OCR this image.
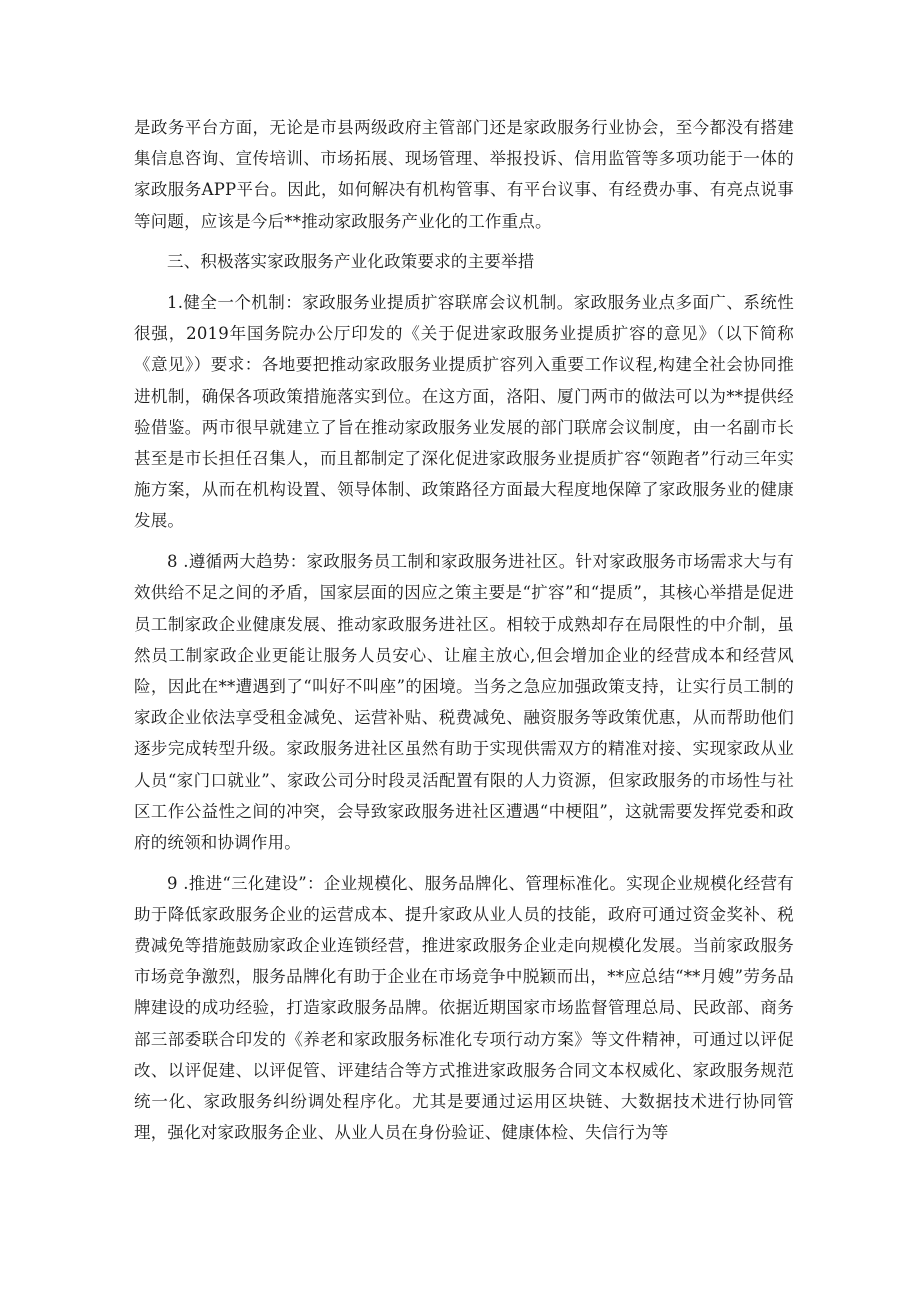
是政务平台方面，无论是市县两级政府主管部门还是家政服务行业协会，至今都没有搭建集信息咨询、宣传培训、市场拓展、现场管理、举报投诉、信用监管等多项功能于一体的家政服务APP平台。因此，如何解决有机构管事、有平台议事、有经费办事、有亮点说事等问题，应该是今后**推动家政服务产业化的工作重点。

三、积极落实家政服务产业化政策要求的主要举措

1.健全一个机制：家政服务业提质扩容联席会议机制。家政服务业点多面广、系统性很强，2019年国务院办公厅印发的《关于促进家政服务业提质扩容的意见》（以下简称《意见》）要求：各地要把推动家政服务业提质扩容列入重要工作议程,构建全社会协同推进机制，确保各项政策措施落实到位。在这方面，洛阳、厦门两市的做法可以为**提供经验借鉴。两市很早就建立了旨在推动家政服务业发展的部门联席会议制度，由一名副市长甚至是市长担任召集人，而且都制定了深化促进家政服务业提质扩容“领跑者”行动三年实施方案，从而在机构设置、领导体制、政策路径方面最大程度地保障了家政服务业的健康发展。

8 .遵循两大趋势：家政服务员工制和家政服务进社区。针对家政服务市场需求大与有效供给不足之间的矛盾，国家层面的因应之策主要是“扩容”和“提质”，其核心举措是促进员工制家政企业健康发展、推动家政服务进社区。相较于成熟却存在局限性的中介制，虽然员工制家政企业更能让服务人员安心、让雇主放心,但会增加企业的经营成本和经营风险，因此在**遭遇到了“叫好不叫座”的困境。当务之急应加强政策支持，让实行员工制的家政企业依法享受租金减免、运营补贴、税费减免、融资服务等政策优惠，从而帮助他们逐步完成转型升级。家政服务进社区虽然有助于实现供需双方的精准对接、实现家政从业人员“家门口就业”、家政公司分时段灵活配置有限的人力资源，但家政服务的市场性与社区工作公益性之间的冲突，会导致家政服务进社区遭遇“中梗阻”，这就需要发挥党委和政府的统领和协调作用。

9 .推进“三化建设”：企业规模化、服务品牌化、管理标准化。实现企业规模化经营有助于降低家政服务企业的运营成本、提升家政从业人员的技能，政府可通过资金奖补、税费减免等措施鼓励家政企业连锁经营，推进家政服务企业走向规模化发展。当前家政服务市场竞争激烈，服务品牌化有助于企业在市场竞争中脱颖而出，**应总结“**月嫂”劳务品牌建设的成功经验，打造家政服务品牌。依据近期国家市场监督管理总局、民政部、商务部三部委联合印发的《养老和家政服务标准化专项行动方案》等文件精神，可通过以评促改、以评促建、以评促管、评建结合等方式推进家政服务合同文本权威化、家政服务规范统一化、家政服务纠纷调处程序化。尤其是要通过运用区块链、大数据技术进行协同管理，强化对家政服务企业、从业人员在身份验证、健康体检、失信行为等
